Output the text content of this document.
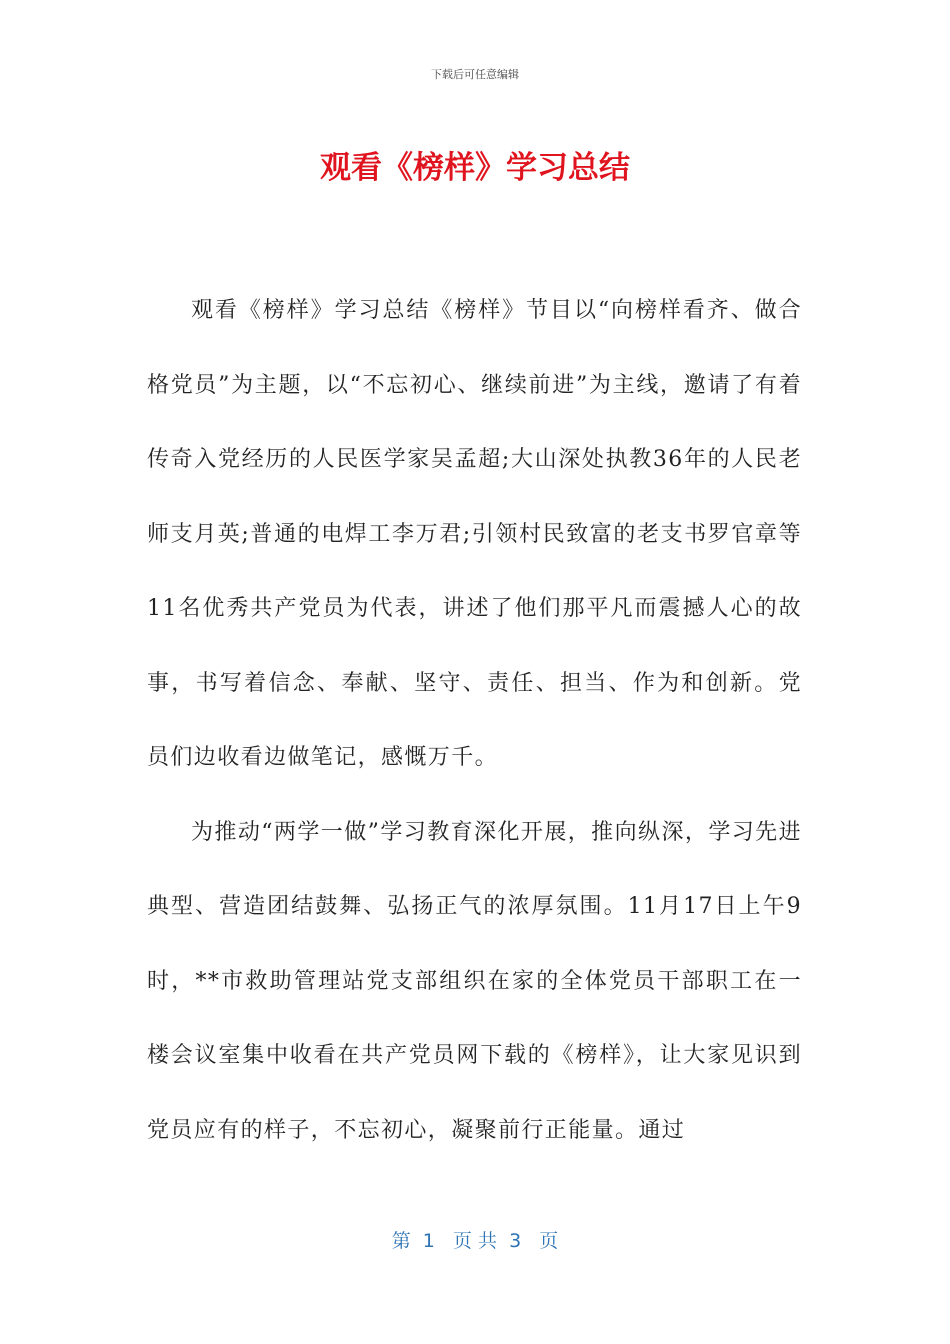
下载后可任意编辑
观看《榜样》学习总结

观看《榜样》学习总结《榜样》节目以“向榜样看齐、做合格党员”为主题，以“不忘初心、继续前进”为主线，邀请了有着传奇入党经历的人民医学家吴孟超;大山深处执教36年的人民老师支月英;普通的电焊工李万君;引领村民致富的老支书罗官章等11名优秀共产党员为代表，讲述了他们那平凡而震撼人心的故事，书写着信念、奉献、坚守、责任、担当、作为和创新。党员们边收看边做笔记，感慨万千。

为推动“两学一做”学习教育深化开展，推向纵深，学习先进典型、营造团结鼓舞、弘扬正气的浓厚氛围。11月17日上午9时，**市救助管理站党支部组织在家的全体党员干部职工在一楼会议室集中收看在共产党员网下载的《榜样》，让大家见识到党员应有的样子，不忘初心，凝聚前行正能量。通过

第  1   页 共  3   页
